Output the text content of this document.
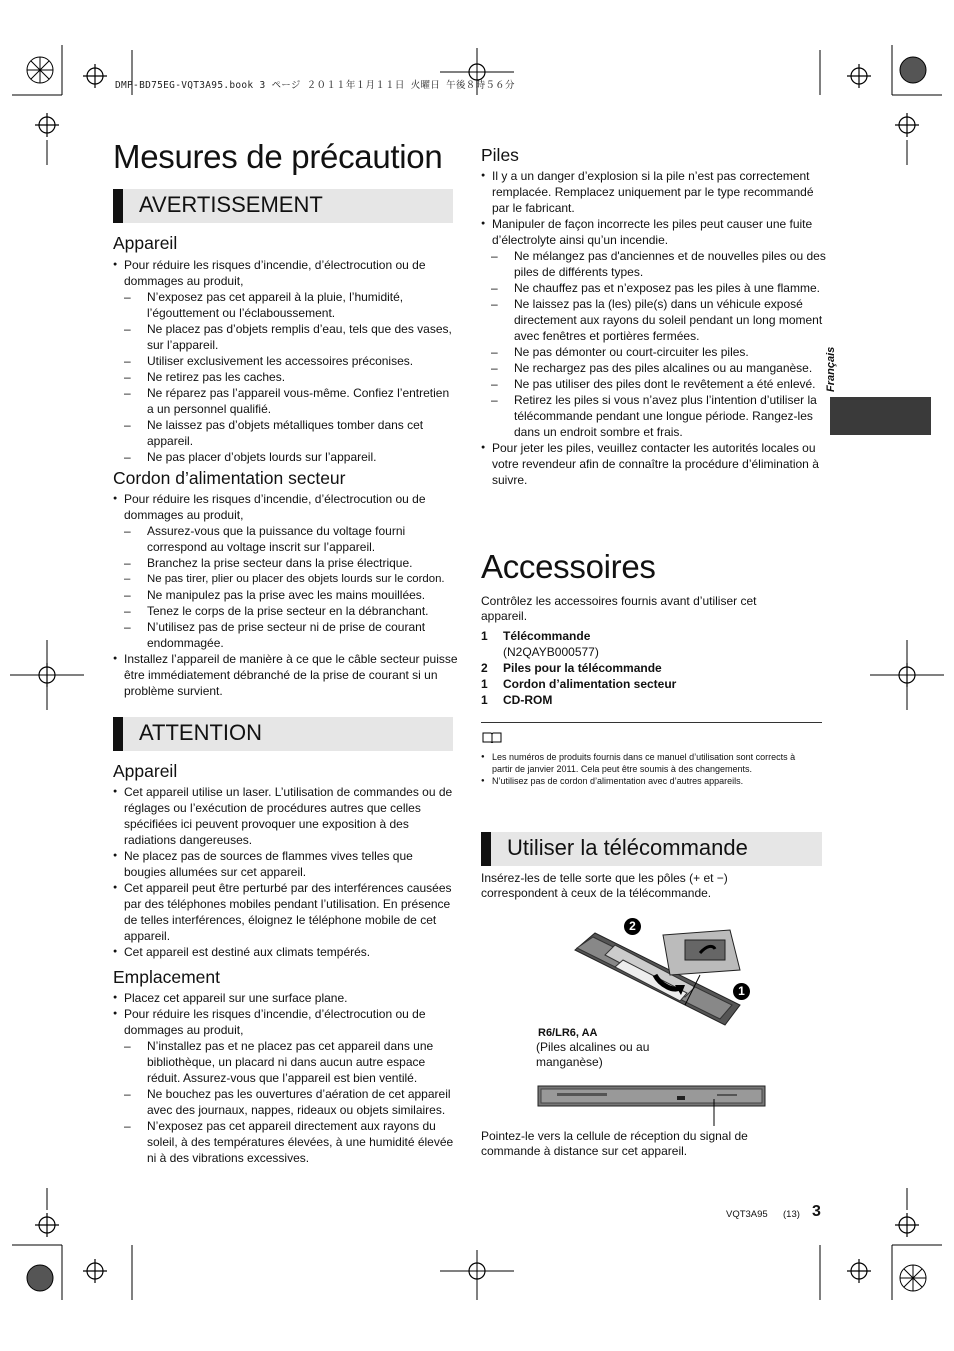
DMP-BD75EG-VQT3A95.book 3 ページ ２０１１年１月１１日 火曜日 午後８時５６分
Mesures de précaution
AVERTISSEMENT
Appareil
● Pour réduire les risques d’incendie, d’électrocution ou de dommages au produit,
– N’exposez pas cet appareil à la pluie, l’humidité, l’égouttement ou l’éclaboussement.
– Ne placez pas d’objets remplis d’eau, tels que des vases, sur l’appareil.
– Utiliser exclusivement les accessoires préconises.
– Ne retirez pas les caches.
– Ne réparez pas l’appareil vous-même. Confiez l’entretien a un personnel qualifié.
– Ne laissez pas d’objets métalliques tomber dans cet appareil.
– Ne pas placer d’objets lourds sur l’appareil.
Cordon d’alimentation secteur
● Pour réduire les risques d’incendie, d’électrocution ou de dommages au produit,
– Assurez-vous que la puissance du voltage fourni correspond au voltage inscrit sur l’appareil.
– Branchez la prise secteur dans la prise électrique.
– Ne pas tirer, plier ou placer des objets lourds sur le cordon.
– Ne manipulez pas la prise avec les mains mouillées.
– Tenez le corps de la prise secteur en la débranchant.
– N’utilisez pas de prise secteur ni de prise de courant endommagée.
● Installez l’appareil de manière à ce que le câble secteur puisse être immédiatement débranché de la prise de courant si un problème survient.
ATTENTION
Appareil
● Cet appareil utilise un laser. L’utilisation de commandes ou de réglages ou l’exécution de procédures autres que celles spécifiées ici peuvent provoquer une exposition à des radiations dangereuses.
● Ne placez pas de sources de flammes vives telles que bougies allumées sur cet appareil.
● Cet appareil peut être perturbé par des interférences causées par des téléphones mobiles pendant l’utilisation. En présence de telles interférences, éloignez le téléphone mobile de cet appareil.
● Cet appareil est destiné aux climats tempérés.
Emplacement
● Placez cet appareil sur une surface plane.
● Pour réduire les risques d’incendie, d’électrocution ou de dommages au produit,
– N’installez pas et ne placez pas cet appareil dans une bibliothèque, un placard ni dans aucun autre espace réduit. Assurez-vous que l’appareil est bien ventilé.
– Ne bouchez pas les ouvertures d’aération de cet appareil avec des journaux, nappes, rideaux ou objets similaires.
– N’exposez pas cet appareil directement aux rayons du soleil, à des températures élevées, à une humidité élevée ni à des vibrations excessives.
Piles
● Il y a un danger d’explosion si la pile n’est pas correctement remplacée. Remplacez uniquement par le type recommandé par le fabricant.
● Manipuler de façon incorrecte les piles peut causer une fuite d’électrolyte ainsi qu’un incendie.
– Ne mélangez pas d'anciennes et de nouvelles piles ou des piles de différents types.
– Ne chauffez pas et n’exposez pas les piles à une flamme.
– Ne laissez pas la (les) pile(s) dans un véhicule exposé directement aux rayons du soleil pendant un long moment avec fenêtres et portières fermées.
– Ne pas démonter ou court-circuiter les piles.
– Ne rechargez pas des piles alcalines ou au manganèse.
– Ne pas utiliser des piles dont le revêtement a été enlevé.
– Retirez les piles si vous n’avez plus l’intention d’utiliser la télécommande pendant une longue période. Rangez-les dans un endroit sombre et frais.
● Pour jeter les piles, veuillez contacter les autorités locales ou votre revendeur afin de connaître la procédure d’élimination à suivre.
Accessoires
Contrôlez les accessoires fournis avant d’utiliser cet appareil.
1	Télécommande
(N2QAYB000577)
2	Piles pour la télécommande
1	Cordon d’alimentation secteur
1	CD-ROM
● Les numéros de produits fournis dans ce manuel d’utilisation sont corrects à partir de janvier 2011. Cela peut être soumis à des changements.
● N’utilisez pas de cordon d’alimentation avec d’autres appareils.
Utiliser la télécommande
Insérez-les de telle sorte que les pôles (+ et −) correspondent à ceux de la télécommande.
2
1
R6/LR6, AA
(Piles alcalines ou au manganèse)
Pointez-le vers la cellule de réception du signal de commande à distance sur cet appareil.
Français
VQT3A95 (13) 3
